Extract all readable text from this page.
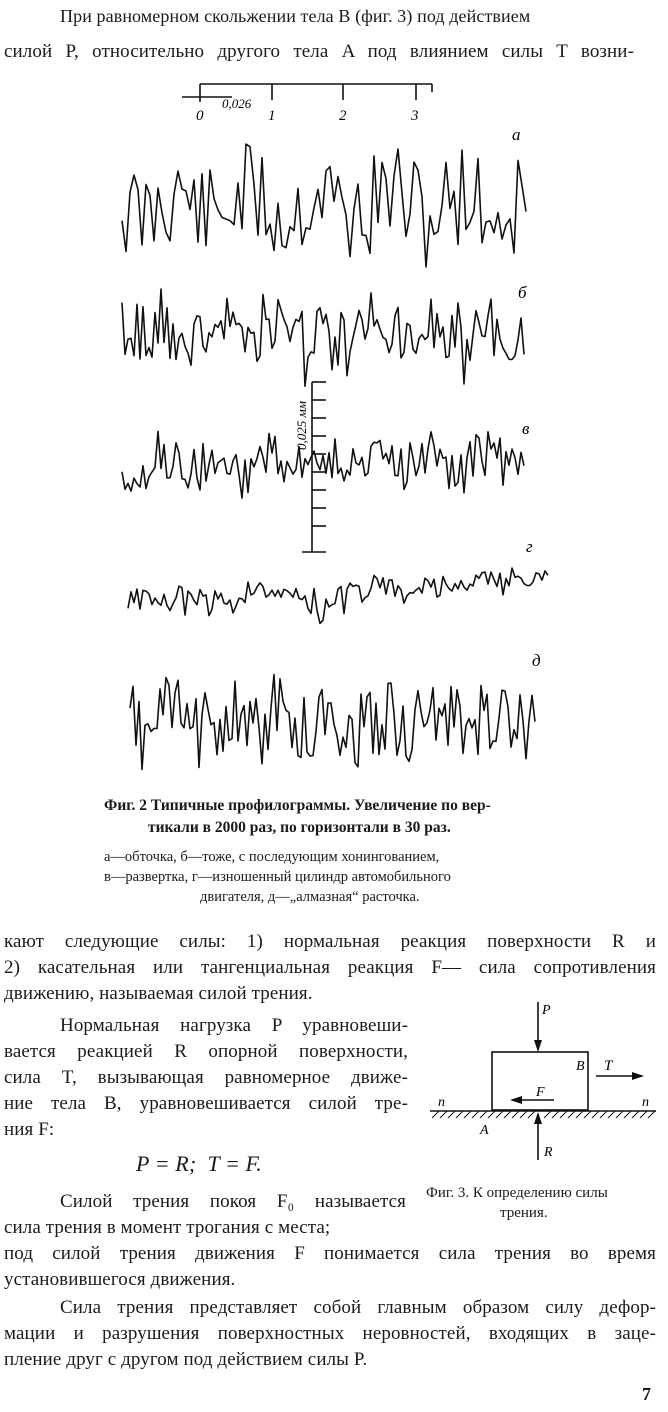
При равномерном скольжении тела B (фиг. 3) под действием
силой P, относительно другого тела A под влиянием силы T возни-
0
0,026
1	2	3
0,025 мм
а
б
в
г
д
Фиг. 2 Типичные профилограммы. Увеличение по вер-
тикали в 2000 раз, по горизонтали в 30 раз.
а—обточка, б—тоже, с последующим хонингованием,
в—развертка, г—изношенный цилиндр автомобильного
двигателя, д—„алмазная“ расточка.
кают следующие силы: 1) нормальная реакция поверхности R и
2) касательная или тангенциальная реакция F— сила сопротивления
движению, называемая силой трения.
Нормальная нагрузка P уравновеши-
вается реакцией R опорной поверхности,
сила T, вызывающая равномерное движе-
ние тела B, уравновешивается силой тре-
ния F:
P = R;  T = F.
Силой трения покоя F₀ называется
сила трения в момент трогания с места;
P
B T
F
A
R
n	n
Фиг. 3. К определению силы
трения.
под силой трения движения F понимается сила трения во время
установившегося движения.
Сила трения представляет собой главным образом силу дефор-
мации и разрушения поверхностных неровностей, входящих в заце-
пление друг с другом под действием силы P.
7
